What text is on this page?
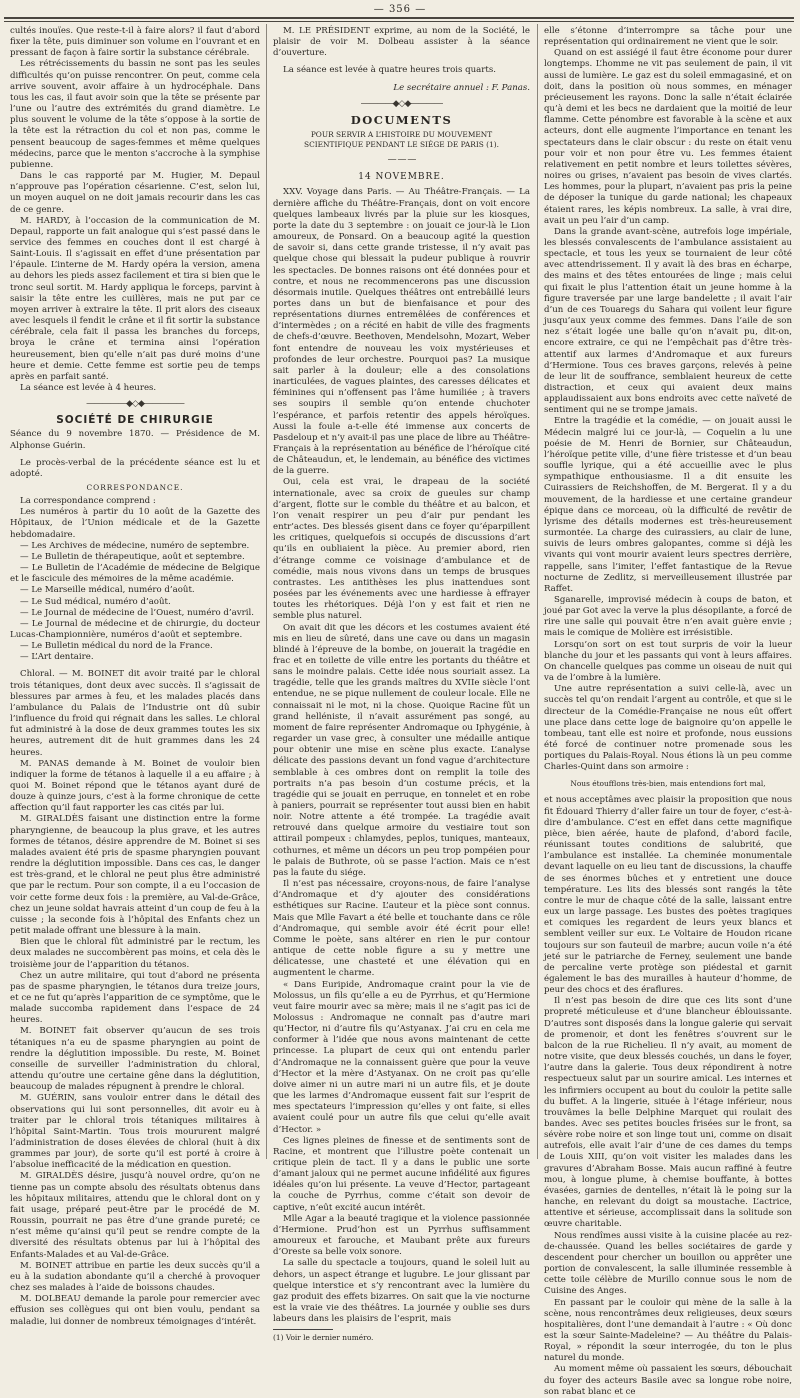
— 356 —

cultés inouïes. Que reste-t-il à faire alors? il faut d’abord fixer la tête, puis diminuer son volume en l’ouvrant et en pressant de façon à faire sortir la substance cérébrale.

Les rétrécissements du bassin ne sont pas les seules difficultés qu’on puisse rencontrer. On peut, comme cela arrive souvent, avoir affaire à un hydrocéphale. Dans tous les cas, il faut avoir soin que la tête se présente par l’une ou l’autre des extrémités du grand diamètre. Le plus souvent le volume de la tête s’oppose à la sortie de la tête est la rétraction du col et non pas, comme le pensent beaucoup de sages-femmes et même quelques médecins, parce que le menton s’accroche à la symphise pubienne.

Dans le cas rapporté par M. Hugier, M. Depaul n’approuve pas l’opération césarienne. C’est, selon lui, un moyen auquel on ne doit jamais recourir dans les cas de ce genre.

M. HARDY, à l’occasion de la communication de M. Depaul, rapporte un fait analogue qui s’est passé dans le service des femmes en couches dont il est chargé à Saint-Louis. Il s’agissait en effet d’une présentation par l’épaule. L’interne de M. Hardy opéra la version, amena au dehors les pieds assez facilement et tira si bien que le tronc seul sortit. M. Hardy appliqua le forceps, parvint à saisir la tête entre les cuillères, mais ne put par ce moyen arriver à extraire la tête. Il prit alors des ciseaux avec lesquels il fendit le crâne et il fit sortir la substance cérébrale, cela fait il passa les branches du forceps, broya le crâne et termina ainsi l’opération heureusement, bien qu’elle n’ait pas duré moins d’une heure et demie. Cette femme est sortie peu de temps après en parfait santé.

La séance est levée à 4 heures.

—————◆◇◆—————
SOCIÉTÉ DE CHIRURGIE

Séance du 9 novembre 1870. — Présidence de M. Alphonse Guérin.

Le procès-verbal de la précédente séance est lu et adopté.

CORRESPONDANCE.

La correspondance comprend :

Les numéros à partir du 10 août de la Gazette des Hôpitaux, de l’Union médicale et de la Gazette hebdomadaire.

— Les Archives de médecine, numéro de septembre.

— Le Bulletin de thérapeutique, août et septembre.

— Le Bulletin de l’Académie de médecine de Belgique et le fascicule des mémoires de la même académie.

— Le Marseille médical, numéro d’août.

— Le Sud médical, numéro d’août.

— Le Journal de médecine de l’Ouest, numéro d’avril.

— Le Journal de médecine et de chirurgie, du docteur Lucas-Championnière, numéros d’août et septembre.

— Le Bulletin médical du nord de la France.

— L’Art dentaire.

Chloral. — M. BOINET dit avoir traité par le chloral trois tétaniques, dont deux avec succès. Il s’agissait de blessures par armes à feu, et les malades placés dans l’ambulance du Palais de l’Industrie ont dû subir l’influence du froid qui régnait dans les salles. Le chloral fut administré à la dose de deux grammes toutes les six heures, autrement dit de huit grammes dans les 24 heures.

M. PANAS demande à M. Boinet de vouloir bien indiquer la forme de tétanos à laquelle il a eu affaire ; à quoi M. Boinet répond que le tétanos ayant duré de douze à quinze jours, c’est à la forme chronique de cette affection qu’il faut rapporter les cas cités par lui.

M. GIRALDÈS faisant une distinction entre la forme pharyngienne, de beaucoup la plus grave, et les autres formes de tétanos, désire apprendre de M. Boinet si ses malades avaient été pris de spasme pharyngien pouvant rendre la déglutition impossible. Dans ces cas, le danger est très-grand, et le chloral ne peut plus être administré que par le rectum. Pour son compte, il a eu l’occasion de voir cette forme deux fois : la première, au Val-de-Grâce, chez un jeune soldat havrais atteint d’un coup de feu à la cuisse ; la seconde fois à l’hôpital des Enfants chez un petit malade offrant une blessure à la main.

Bien que le chloral fût administré par le rectum, les deux malades ne succombèrent pas moins, et cela dès le troisième jour de l’apparition du tétanos.

Chez un autre militaire, qui tout d’abord ne présenta pas de spasme pharyngien, le tétanos dura treize jours, et ce ne fut qu’après l’apparition de ce symptôme, que le malade succomba rapidement dans l’espace de 24 heures.

M. BOINET fait observer qu’aucun de ses trois tétaniques n’a eu de spasme pharyngien au point de rendre la déglutition impossible. Du reste, M. Boinet conseille de surveiller l’administration du chloral, attendu qu’outre une certaine gêne dans la déglutition, beaucoup de malades répugnent à prendre le chloral.

M. GUÉRIN, sans vouloir entrer dans le détail des observations qui lui sont personnelles, dit avoir eu à traiter par le chloral trois tétaniques militaires à l’hôpital Saint-Martin. Tous trois moururent malgré l’administration de doses élevées de chloral (huit à dix grammes par jour), de sorte qu’il est porté à croire à l’absolue inefficacité de la médication en question.

M. GIRALDÈS désire, jusqu’à nouvel ordre, qu’on ne tienne pas un compte absolu des résultats obtenus dans les hôpitaux militaires, attendu que le chloral dont on y fait usage, préparé peut-être par le procédé de M. Roussin, pourrait ne pas être d’une grande pureté; ce n’est même qu’ainsi qu’il peut se rendre compte de la diversité des résultats obtenus par lui à l’hôpital des Enfants-Malades et au Val-de-Grâce.

M. BOINET attribue en partie les deux succès qu’il a eu à la sudation abondante qu’il a cherché à provoquer chez ses malades à l’aide de boissons chaudes.

M. DOLBEAU demande la parole pour remercier avec effusion ses collègues qui ont bien voulu, pendant sa maladie, lui donner de nombreux témoignages d’intérêt.

M. LE PRÉSIDENT exprime, au nom de la Société, le plaisir de voir M. Dolbeau assister à la séance d’ouverture.

La séance est levée à quatre heures trois quarts.

Le secrétaire annuel : F. Panas.

————◆◇◆————
DOCUMENTS

POUR SERVIR A L’HISTOIRE DU MOUVEMENT SCIENTIFIQUE PENDANT LE SIÉGE DE PARIS (1).

— — —
14 NOVEMBRE.

XXV. Voyage dans Paris. — Au Théâtre-Français. — La dernière affiche du Théâtre-Français, dont on voit encore quelques lambeaux livrés par la pluie sur les kiosques, porte la date du 3 septembre : on jouait ce jour-là le Lion amoureux, de Ponsard. On a beaucoup agité la question de savoir si, dans cette grande tristesse, il n’y avait pas quelque chose qui blessait la pudeur publique à rouvrir les spectacles. De bonnes raisons ont été données pour et contre, et nous ne recommencerons pas une discussion désormais inutile. Quelques théâtres ont entrebâillé leurs portes dans un but de bienfaisance et pour des représentations diurnes entremêlées de conférences et d’intermèdes ; on a récité en habit de ville des fragments de chefs-d’œuvre. Beethoven, Mendelsohn, Mozart, Weber font entendre de nouveau les voix mystérieuses et profondes de leur orchestre. Pourquoi pas? La musique sait parler à la douleur; elle a des consolations inarticulées, de vagues plaintes, des caresses délicates et féminines qui n’offensent pas l’âme humiliée ; à travers ses soupirs il semble qu’on entende chuchoter l’espérance, et parfois retentir des appels héroïques. Aussi la foule a-t-elle été immense aux concerts de Pasdeloup et n’y avait-il pas une place de libre au Théâtre-Français à la représentation au bénéfice de l’héroïque cité de Châteaudun, et, le lendemain, au bénéfice des victimes de la guerre.

Oui, cela est vrai, le drapeau de la société internationale, avec sa croix de gueules sur champ d’argent, flotte sur le comble du théâtre et au balcon, et l’on venait respirer un peu d’air pur pendant les entr’actes. Des blessés gisent dans ce foyer qu’éparpillent les critiques, quelquefois si occupés de discussions d’art qu’ils en oubliaient la pièce. Au premier abord, rien d’étrange comme ce voisinage d’ambulance et de comédie, mais nous vivons dans un temps de brusques contrastes. Les antithèses les plus inattendues sont posées par les événements avec une hardiesse à effrayer toutes les rhétoriques. Déjà l’on y est fait et rien ne semble plus naturel.

On avait dit que les décors et les costumes avaient été mis en lieu de sûreté, dans une cave ou dans un magasin blindé à l’épreuve de la bombe, on jouerait la tragédie en frac et en toilette de ville entre les portants du théâtre et sans le moindre palais. Cette idée nous souriait assez. La tragédie, telle que les grands maîtres du XVIIe siècle l’ont entendue, ne se pique nullement de couleur locale. Elle ne connaissait ni le mot, ni la chose. Quoique Racine fût un grand helléniste, il n’avait assurément pas songé, au moment de faire représenter Andromaque ou Iphygénie, à regarder un vase grec, à consulter une médaille antique pour obtenir une mise en scène plus exacte. L’analyse délicate des passions devant un fond vague d’architecture semblable à ces ombres dont on remplit la toile des portraits n’a pas besoin d’un costume précis, et la tragédie qui se jouait en perruque, en tonnelet et en robe à paniers, pourrait se représenter tout aussi bien en habit noir. Notre attente a été trompée. La tragédie avait retrouvé dans quelque armoire du vestiaire tout son attirail pompeux : chlamydes, peplos, tuniques, manteaux, cothurnes, et même un décors un peu trop pompéien pour le palais de Buthrote, où se passe l’action. Mais ce n’est pas la faute du siége.

Il n’est pas nécessaire, croyons-nous, de faire l’analyse d’Andromaque et d’y ajouter des considérations esthétiques sur Racine. L’auteur et la pièce sont connus. Mais que Mlle Favart a été belle et touchante dans ce rôle d’Andromaque, qui semble avoir été écrit pour elle! Comme le poète, sans altérer en rien le pur contour antique de cette noble figure a su y mettre une délicatesse, une chasteté et une élévation qui en augmentent le charme.

« Dans Euripide, Andromaque craint pour la vie de Molossus, un fils qu’elle a eu de Pyrrhus, et qu’Hermione veut faire mourir avec sa mère; mais il ne s’agit pas ici de Molossus : Andromaque ne connaît pas d’autre mari qu’Hector, ni d’autre fils qu’Astyanax. J’ai cru en cela me conformer à l’idée que nous avons maintenant de cette princesse. La plupart de ceux qui ont entendu parler d’Andromaque ne la connaissent guère que pour la veuve d’Hector et la mère d’Astyanax. On ne croit pas qu’elle doive aimer ni un autre mari ni un autre fils, et je doute que les larmes d’Andromaque eussent fait sur l’esprit de mes spectateurs l’impression qu’elles y ont faite, si elles avaient coulé pour un autre fils que celui qu’elle avait d’Hector. »

Ces lignes pleines de finesse et de sentiments sont de Racine, et montrent que l’illustre poète contenait un critique plein de tact. Il y a dans le public une sorte d’amant jaloux qui ne permet aucune infidélité aux figures idéales qu’on lui présente. La veuve d’Hector, partageant la couche de Pyrrhus, comme c’était son devoir de captive, n’eût excité aucun intérêt.

Mlle Agar a la beauté tragique et la violence passionnée d’Hermione. Prud’hon est un Pyrrhus suffisamment amoureux et farouche, et Maubant prête aux fureurs d’Oreste sa belle voix sonore.

La salle du spectacle a toujours, quand le soleil luit au dehors, un aspect étrange et lugubre. Le jour glissant par quelque interstice et s’y rencontrant avec la lumière du gaz produit des effets bizarres. On sait que la vie nocturne est la vraie vie des théâtres. La journée y oublie ses durs labeurs dans les plaisirs de l’esprit, mais

(1) Voir le dernier numéro.

elle s’étonne d’interrompre sa tâche pour une représentation qui ordinairement ne vient que le soir.

Quand on est assiégé il faut être économe pour durer longtemps. L’homme ne vit pas seulement de pain, il vit aussi de lumière. Le gaz est du soleil emmagasiné, et on doit, dans la position où nous sommes, en ménager précieusement les rayons. Donc la salle n’était éclairée qu’à demi et les becs ne dardaient que la moitié de leur flamme. Cette pénombre est favorable à la scène et aux acteurs, dont elle augmente l’importance en tenant les spectateurs dans le clair obscur : du reste on était venu pour voir et non pour être vu. Les femmes étaient relativement en petit nombre et leurs toilettes sévères, noires ou grises, n’avaient pas besoin de vives clartés. Les hommes, pour la plupart, n’avaient pas pris la peine de déposer la tunique du garde national; les chapeaux étaient rares, les képis nombreux. La salle, à vrai dire, avait un peu l’air d’un camp.

Dans la grande avant-scène, autrefois loge impériale, les blessés convalescents de l’ambulance assistaient au spectacle, et tous les yeux se tournaient de leur côté avec attendrissement. Il y avait là des bras en écharpe, des mains et des têtes entourées de linge ; mais celui qui fixait le plus l’attention était un jeune homme à la figure traversée par une large bandelette ; il avait l’air d’un de ces Touaregs du Sahara qui voilent leur figure jusqu’aux yeux comme des femmes. Dans l’aile de son nez s’était logée une balle qu’on n’avait pu, dit-on, encore extraire, ce qui ne l’empêchait pas d’être très-attentif aux larmes d’Andromaque et aux fureurs d’Hermione. Tous ces braves garçons, relevés à peine de leur lit de souffrance, semblaient heureux de cette distraction, et ceux qui avaient deux mains applaudissaient aux bons endroits avec cette naïveté de sentiment qui ne se trompe jamais.

Entre la tragédie et la comédie, — on jouait aussi le Médecin malgré lui ce jour-là, — Coquelin a lu une poésie de M. Henri de Bornier, sur Châteaudun, l’héroïque petite ville, d’une fière tristesse et d’un beau souffle lyrique, qui a été accueillie avec le plus sympathique enthousiasme. Il a dit ensuite les Cuirassiers de Reichshoffen, de M. Bergerat. Il y a du mouvement, de la hardiesse et une certaine grandeur épique dans ce morceau, où la difficulté de revêtir de lyrisme des détails modernes est très-heureusement surmontée. La charge des cuirassiers, au clair de lune, suivis de leurs ombres galopantes, comme si déjà les vivants qui vont mourir avaient leurs spectres derrière, rappelle, sans l’imiter, l’effet fantastique de la Revue nocturne de Zedlitz, si merveilleusement illustrée par Raffet.

Sganarelle, improvisé médecin à coups de baton, et joué par Got avec la verve la plus désopilante, a forcé de rire une salle qui pouvait être n’en avait guère envie ; mais le comique de Molière est irrésistible.

Lorsqu’on sort on est tout surpris de voir la lueur blanche du jour et les passants qui vont à leurs affaires. On chancelle quelques pas comme un oiseau de nuit qui va de l’ombre à la lumière.

Une autre représentation a suivi celle-là, avec un succès tel qu’on rendait l’argent au contrôle, et que si le directeur de la Comédie-Française ne nous eût offert une place dans cette loge de baignoire qu’on appelle le tombeau, tant elle est noire et profonde, nous eussions été forcé de continuer notre promenade sous les portiques du Palais-Royal. Nous étions là un peu comme Charles-Quint dans son armoire :

Nous étoufflons très-bien, mais entendions fort mal,

et nous acceptâmes avec plaisir la proposition que nous fit Édouard Thierry d’aller faire un tour de foyer, c’est-à-dire d’ambulance. C’est en effet dans cette magnifique pièce, bien aérée, haute de plafond, d’abord facile, réunissant toutes conditions de salubrité, que l’ambulance est installée. La cheminée monumentale devant laquelle on eu lieu tant de discussions, la chauffe de ses énormes bûches et y entretient une douce température. Les lits des blessés sont rangés la tête contre le mur de chaque côté de la salle, laissant entre eux un large passage. Les bustes des poètes tragiques et comiques les regardent de leurs yeux blancs et semblent veiller sur eux. Le Voltaire de Houdon ricane toujours sur son fauteuil de marbre; aucun voile n’a été jeté sur le patriarche de Ferney, seulement une bande de percaline verte protège son piédestal et garnit également le bas des murailles à hauteur d’homme, de peur des chocs et des éraflures.

Il n’est pas besoin de dire que ces lits sont d’une propreté méticuleuse et d’une blancheur éblouissante. D’autres sont disposés dans la longue galerie qui servait de promenoir, et dont les fenêtres s’ouvrent sur le balcon de la rue Richelieu. Il n’y avait, au moment de notre visite, que deux blessés couchés, un dans le foyer, l’autre dans la galerie. Tous deux répondirent à notre respectueux salut par un sourire amical. Les internes et les infirmiers occupent au bout du couloir la petite salle du buffet. A la lingerie, située à l’étage inférieur, nous trouvâmes la belle Delphine Marquet qui roulait des bandes. Avec ses petites boucles frisées sur le front, sa sévère robe noire et son linge tout uni, comme on disait autrefois, elle avait l’air d’une de ces dames du temps de Louis XIII, qu’on voit visiter les malades dans les gravures d’Abraham Bosse. Mais aucun raffiné à feutre mou, à longue plume, à chemise bouffante, à bottes évasées, garnies de dentelles, n’était là le poing sur la hanche, en relevant du doigt sa moustache. L’actrice, attentive et sérieuse, accomplissait dans la solitude son œuvre charitable.

Nous rendîmes aussi visite à la cuisine placée au rez-de-chaussée. Quand les belles sociétaires de garde y descendent pour chercher un bouillon ou apprêter une portion de convalescent, la salle illuminée ressemble à cette toile célèbre de Murillo connue sous le nom de Cuisine des Anges.

En passant par le couloir qui mène de la salle à la scène, nous rencontrâmes deux religieuses, deux sœurs hospitalières, dont l’une demandait à l’autre : « Où donc est la sœur Sainte-Madeleine? — Au théâtre du Palais-Royal, » répondit la sœur interrogée, du ton le plus naturel du monde.

Au moment même où passaient les sœurs, débouchait du foyer des acteurs Basile avec sa longue robe noire, son rabat blanc et ce
